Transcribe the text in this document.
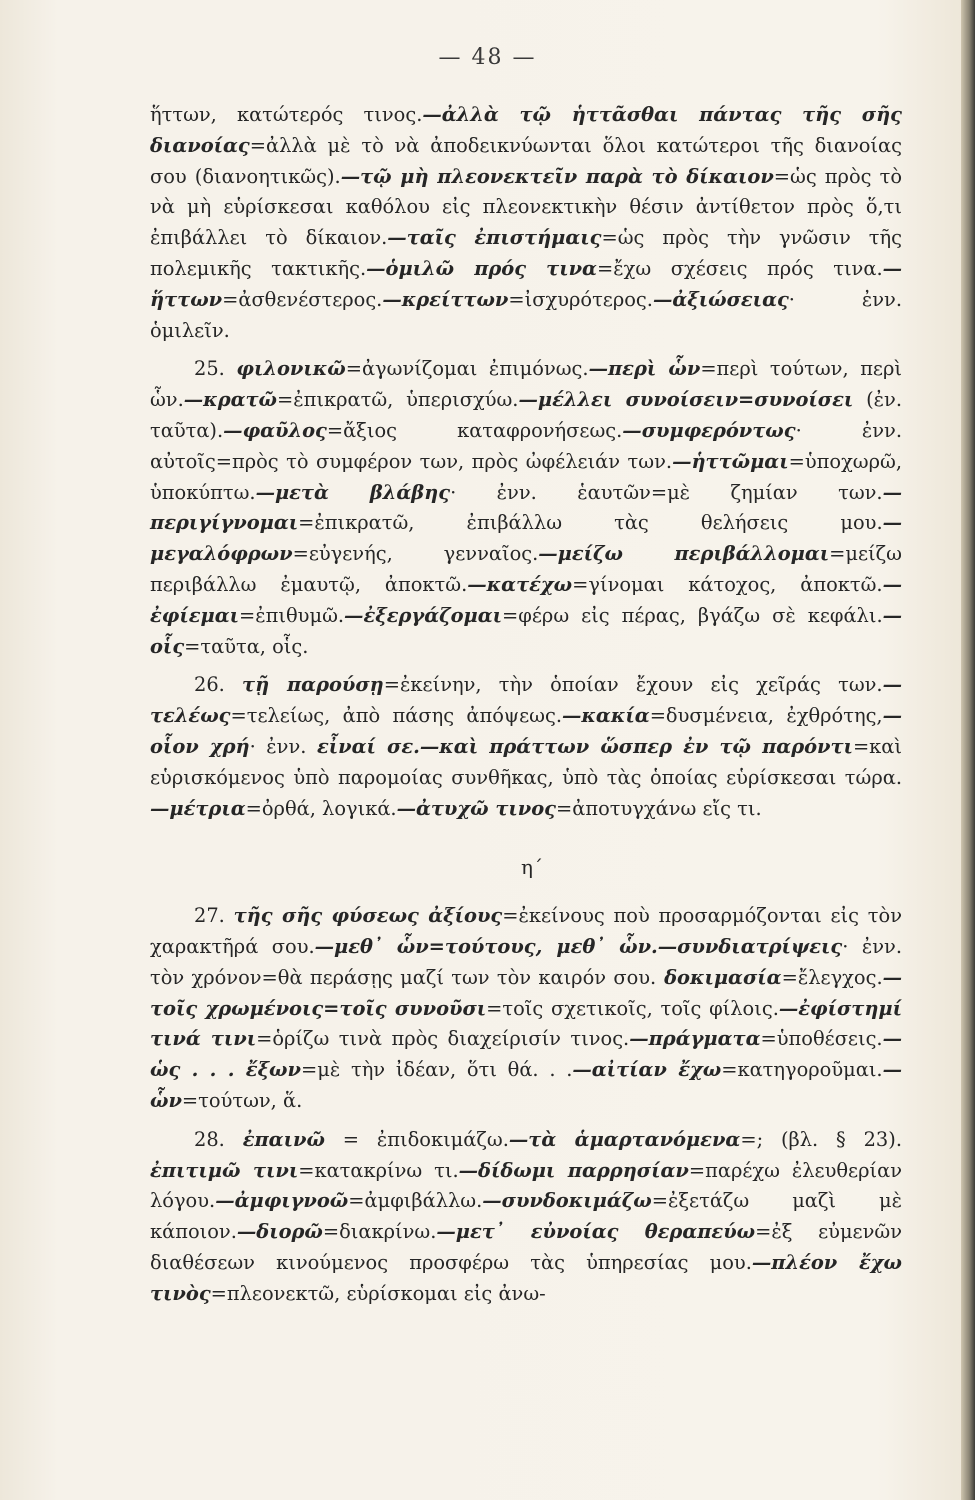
— 48 —

ἥττων, κατώτερός τινος.—ἀλλὰ τῷ ἡττᾶσθαι πάντας τῆς σῆς διανοίας=ἀλλὰ μὲ τὸ νὰ ἀποδεικνύωνται ὅλοι κατώτεροι τῆς διανοίας σου (διανοητικῶς).—τῷ μὴ πλεονεκτεῖν παρὰ τὸ δίκαιον=ὡς πρὸς τὸ νὰ μὴ εὑρίσκεσαι καθόλου εἰς πλεονεκτικὴν θέσιν ἀντίθετον πρὸς ὅ,τι ἐπιβάλλει τὸ δίκαιον.—ταῖς ἐπιστήμαις=ὡς πρὸς τὴν γνῶσιν τῆς πολεμικῆς τακτικῆς.—ὁμιλῶ πρός τινα=ἔχω σχέσεις πρός τινα.—ἥττων=ἀσθενέστερος.—κρείττων=ἰσχυρότερος.—ἀξιώσειας· ἐνν. ὁμιλεῖν.

25. φιλονικῶ=ἀγωνίζομαι ἐπιμόνως.—περὶ ὧν=περὶ τούτων, περὶ ὧν.—κρατῶ=ἐπικρατῶ, ὑπερισχύω.—μέλλει συνοίσειν=συνοίσει (ἐν. ταῦτα).—φαῦλος=ἄξιος καταφρονήσεως.—συμφερόντως· ἐνν. αὐτοῖς=πρὸς τὸ συμφέρον των, πρὸς ὠφέλειάν των.—ἡττῶμαι=ὑποχωρῶ, ὑποκύπτω.—μετὰ βλάβης· ἐνν. ἑαυτῶν=μὲ ζημίαν των.—περιγίγνομαι=ἐπικρατῶ, ἐπιβάλλω τὰς θελήσεις μου.—μεγαλόφρων=εὐγενής, γενναῖος.—μείζω περιβάλλομαι=μείζω περιβάλλω ἐμαυτῷ, ἀποκτῶ.—κατέχω=γίνομαι κάτοχος, ἀποκτῶ.—ἐφίεμαι=ἐπιθυμῶ.—ἐξεργάζομαι=φέρω εἰς πέρας, βγάζω σὲ κεφάλι.—οἷς=ταῦτα, οἷς.

26. τῇ παρούσῃ=ἐκείνην, τὴν ὁποίαν ἔχουν εἰς χεῖράς των.—τελέως=τελείως, ἀπὸ πάσης ἀπόψεως.—κακία=δυσμένεια, ἐχθρότης,—οἷον χρή· ἐνν. εἶναί σε.—καὶ πράττων ὥσπερ ἐν τῷ παρόντι=καὶ εὑρισκόμενος ὑπὸ παρομοίας συνθῆκας, ὑπὸ τὰς ὁποίας εὑρίσκεσαι τώρα.—μέτρια=ὀρθά, λογικά.—ἀτυχῶ τινος=ἀποτυγχάνω εἴς τι.

η΄

27. τῆς σῆς φύσεως ἀξίους=ἐκείνους ποὺ προσαρμόζονται εἰς τὸν χαρακτῆρά σου.—μεθ᾽ ὧν=τούτους, μεθ᾽ ὧν.—συνδιατρίψεις· ἐνν. τὸν χρόνον=θὰ περάσῃς μαζί των τὸν καιρόν σου. δοκιμασία=ἔλεγχος.—τοῖς χρωμένοις=τοῖς συνοῦσι=τοῖς σχετικοῖς, τοῖς φίλοις.—ἐφίστημί τινά τινι=ὁρίζω τινὰ πρὸς διαχείρισίν τινος.—πράγματα=ὑποθέσεις.—ὡς . . . ἔξων=μὲ τὴν ἰδέαν, ὅτι θά. . .—αἰτίαν ἔχω=κατηγοροῦμαι.—ὧν=τούτων, ἅ.

28. ἐπαινῶ = ἐπιδοκιμάζω.—τὰ ἁμαρτανόμενα=; (βλ. § 23). ἐπιτιμῶ τινι=κατακρίνω τι.—δίδωμι παρρησίαν=παρέχω ἐλευθερίαν λόγου.—ἀμφιγνοῶ=ἀμφιβάλλω.—συνδοκιμάζω=ἐξετάζω μαζὶ μὲ κάποιον.—διορῶ=διακρίνω.—μετ᾽ εὐνοίας θεραπεύω=ἐξ εὐμενῶν διαθέσεων κινούμενος προσφέρω τὰς ὑπηρεσίας μου.—πλέον ἔχω τινὸς=πλεονεκτῶ, εὑρίσκομαι εἰς ἀνω-
